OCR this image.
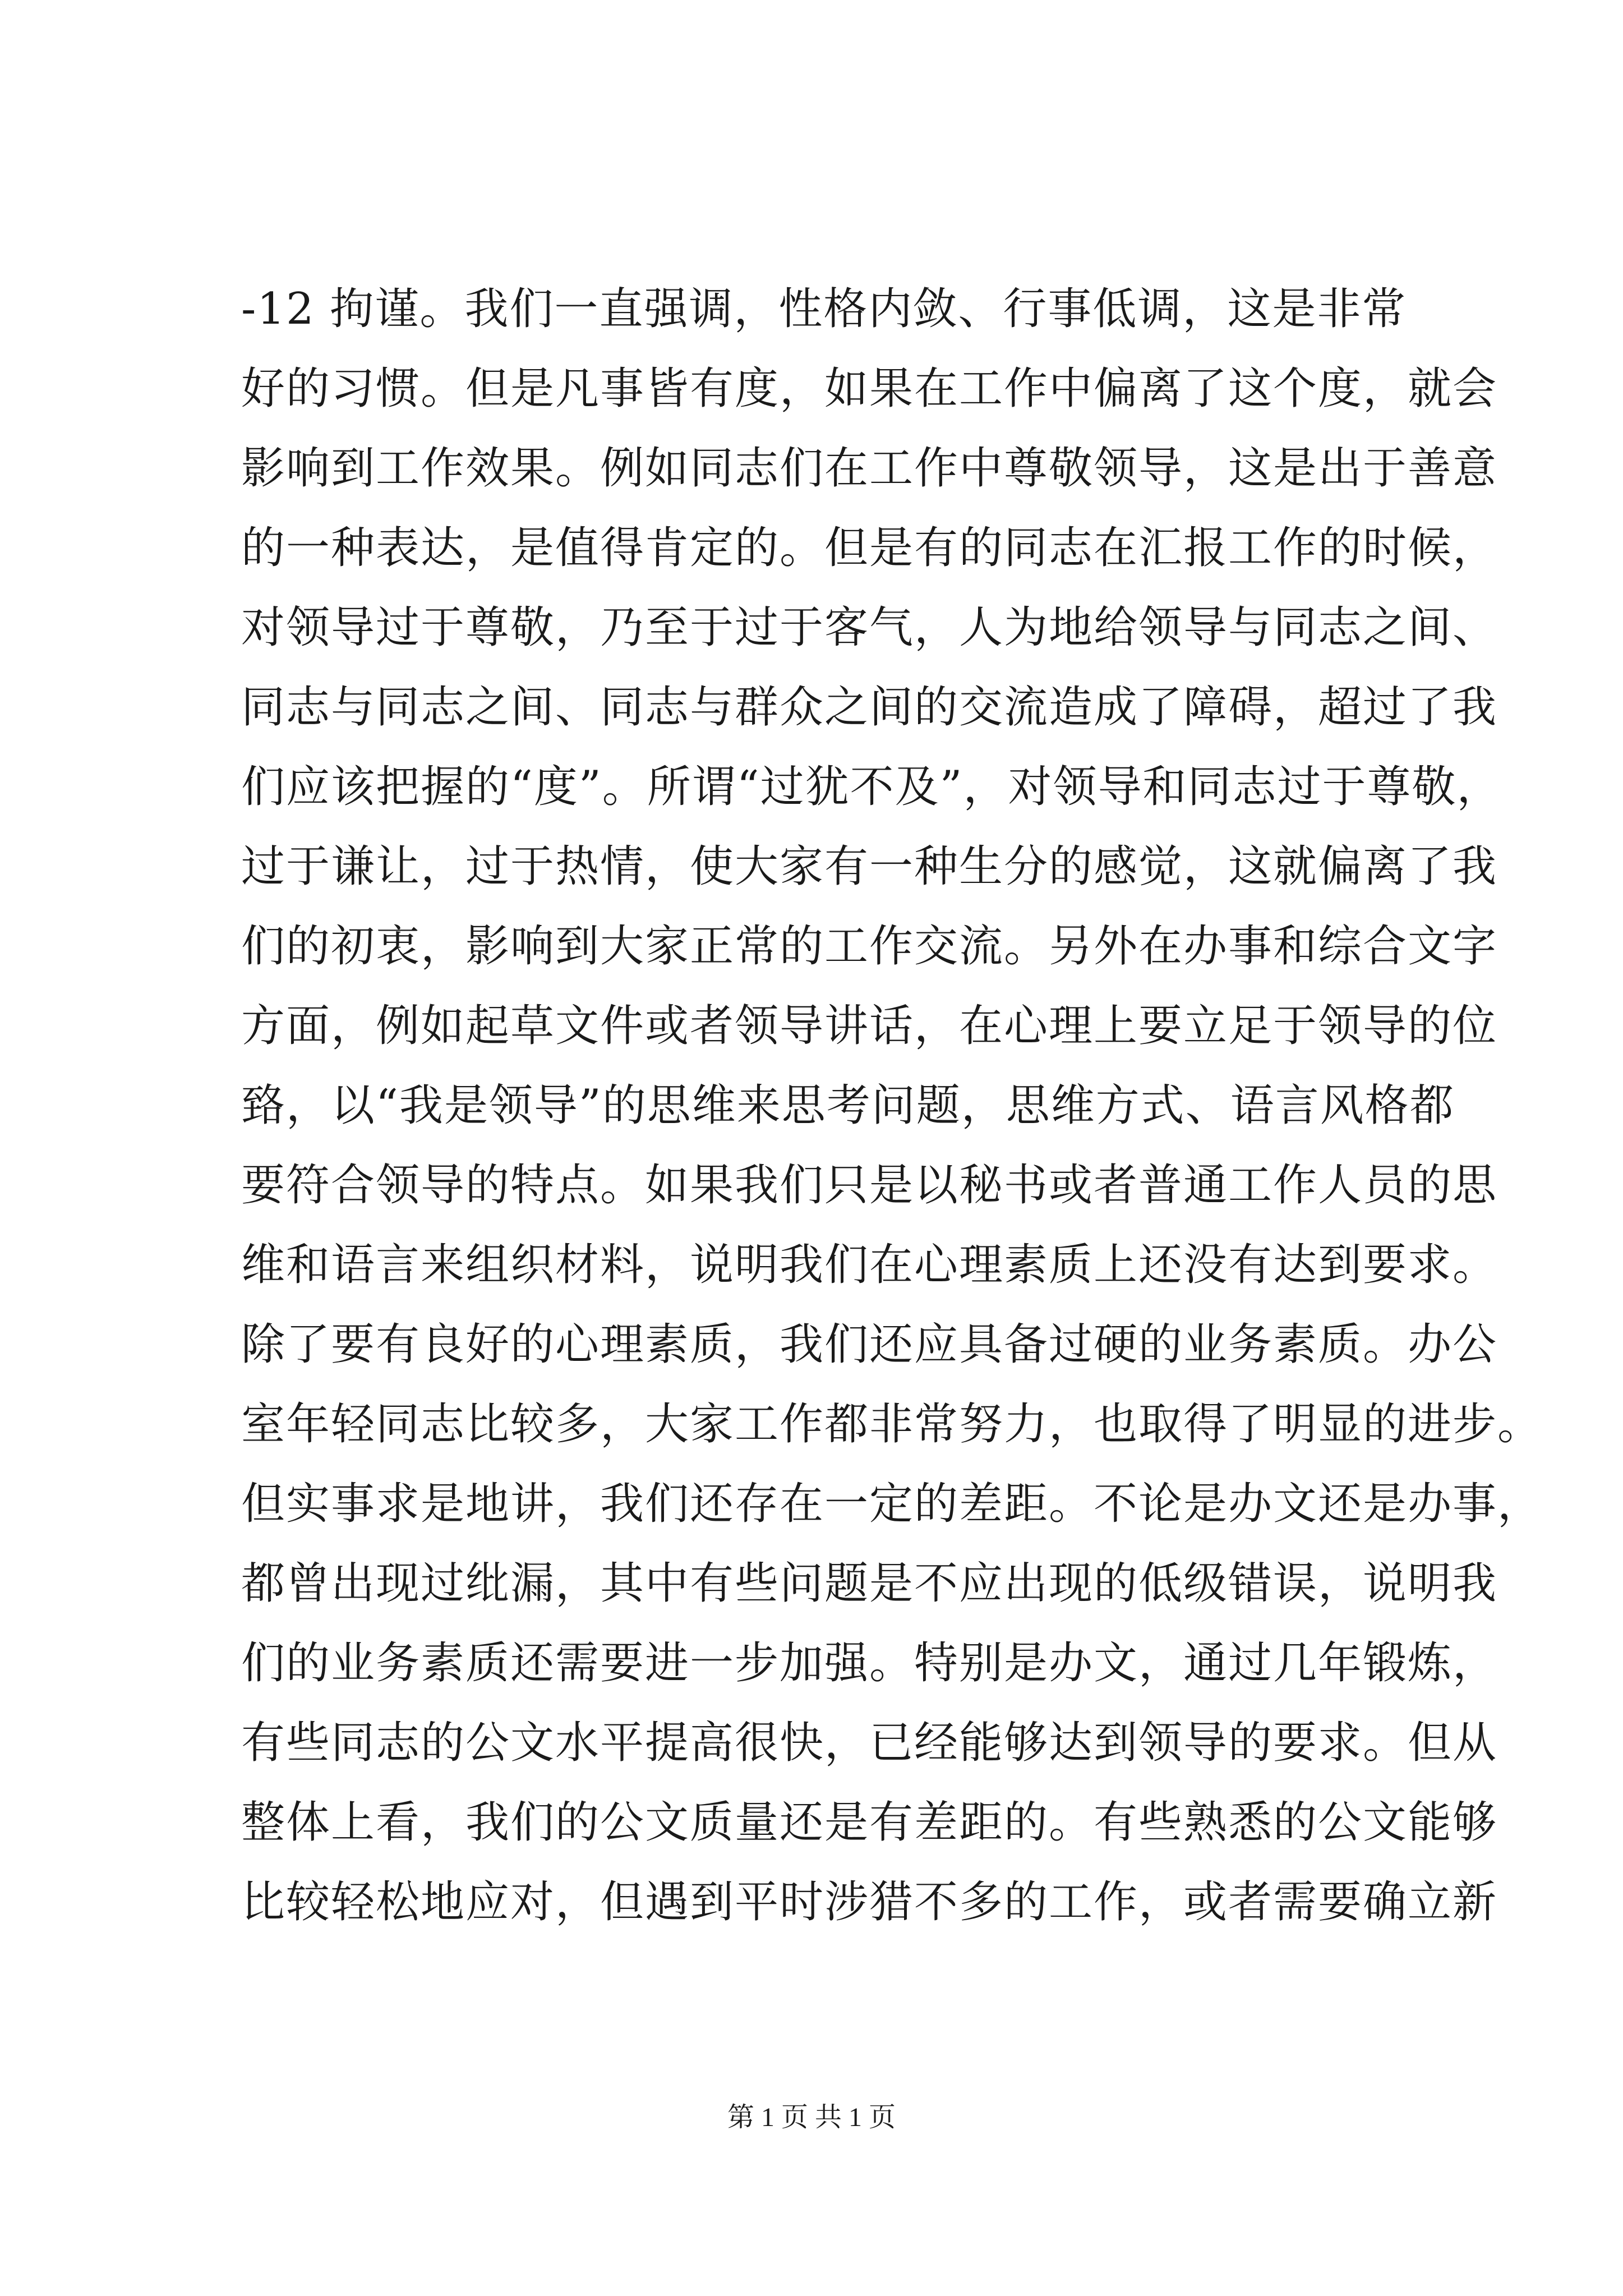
-12 拘谨。我们一直强调，性格内敛、行事低调，这是非常
好的习惯。但是凡事皆有度，如果在工作中偏离了这个度，就会
影响到工作效果。例如同志们在工作中尊敬领导，这是出于善意
的一种表达，是值得肯定的。但是有的同志在汇报工作的时候，
对领导过于尊敬，乃至于过于客气，人为地给领导与同志之间、
同志与同志之间、同志与群众之间的交流造成了障碍，超过了我
们应该把握的“度”。所谓“过犹不及”，对领导和同志过于尊敬，
过于谦让，过于热情，使大家有一种生分的感觉，这就偏离了我
们的初衷，影响到大家正常的工作交流。另外在办事和综合文字
方面，例如起草文件或者领导讲话，在心理上要立足于领导的位
臵，以“我是领导”的思维来思考问题，思维方式、语言风格都
要符合领导的特点。如果我们只是以秘书或者普通工作人员的思
维和语言来组织材料，说明我们在心理素质上还没有达到要求。
除了要有良好的心理素质，我们还应具备过硬的业务素质。办公
室年轻同志比较多，大家工作都非常努力，也取得了明显的进步。
但实事求是地讲，我们还存在一定的差距。不论是办文还是办事，
都曾出现过纰漏，其中有些问题是不应出现的低级错误，说明我
们的业务素质还需要进一步加强。特别是办文，通过几年锻炼，
有些同志的公文水平提高很快，已经能够达到领导的要求。但从
整体上看，我们的公文质量还是有差距的。有些熟悉的公文能够
比较轻松地应对，但遇到平时涉猎不多的工作，或者需要确立新
第 1 页 共 1 页
